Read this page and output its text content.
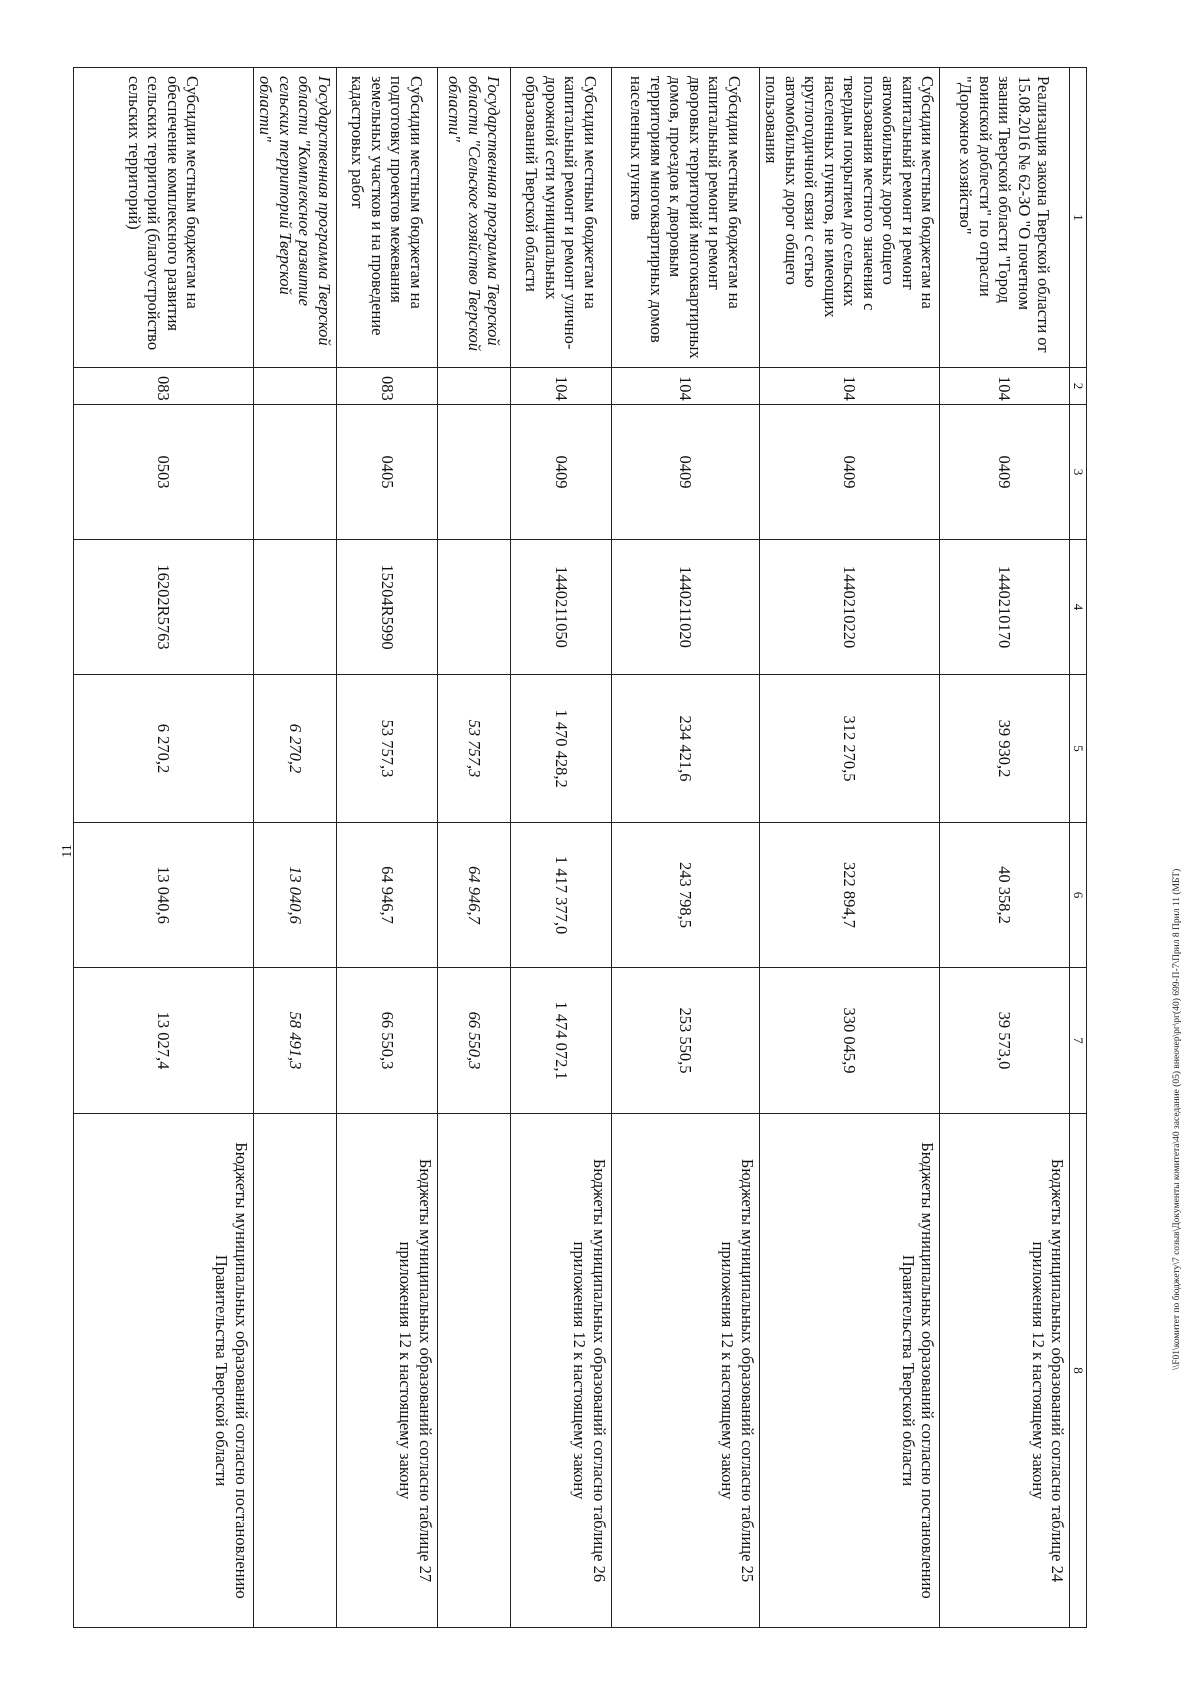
11
1	2	3	4	5	6	7	8
Реализация закона Тверской области от 15.08.2016 № 62-ЗО "О почетном звании Тверской области "Город воинской доблести" по отрасли "Дорожное хозяйство"	104	0409	1440210170	39 930,2	40 358,2	39 573,0	Бюджеты муниципальных образований согласно таблице 24 приложения 12 к настоящему закону
Субсидии местным бюджетам на капитальный ремонт и ремонт автомобильных дорог общего пользования местного значения с твердым покрытием до сельских населенных пунктов, не имеющих круглогодичной связи с сетью автомобильных дорог общего пользования	104	0409	1440210220	312 270,5	322 894,7	330 045,9	Бюджеты муниципальных образований согласно постановлению Правительства Тверской области
Субсидии местным бюджетам на капитальный ремонт и ремонт дворовых территорий многоквартирных домов, проездов к дворовым территориям многоквартирных домов населенных пунктов	104	0409	1440211020	234 421,6	243 798,5	253 550,5	Бюджеты муниципальных образований согласно таблице 25 приложения 12 к настоящему закону
Субсидии местным бюджетам на капитальный ремонт и ремонт улично-дорожной сети муниципальных образований Тверской области	104	0409	1440211050	1 470 428,2	1 417 377,0	1 474 072,1	Бюджеты муниципальных образований согласно таблице 26 приложения 12 к настоящему закону
Государственная программа Тверской области "Сельское хозяйство Тверской области"				53 757,3	64 946,7	66 550,3	
Субсидии местным бюджетам на подготовку проектов межевания земельных участков и на проведение кадастровых работ	083	0405	15204R5990	53 757,3	64 946,7	66 550,3	Бюджеты муниципальных образований согласно таблице 27 приложения 12 к настоящему закону
Государственная программа Тверской области "Комплексное развитие сельских территорий Тверской области"				6 270,2	13 040,6	58 491,3	
Субсидии местным бюджетам на обеспечение комплексного развития сельских территорий (благоустройство сельских территорий)	083	0503	16202R5763	6 270,2	13 040,6	13 027,4	Бюджеты муниципальных образований согласно постановлению Правительства Тверской области
\\F01\комитет по бюджету\7 созыв\Документы комитета\40 заседание (05) внеочер\рг\рг(40) 699-П-7\Прил 8 Прил 11 (МБТ)
